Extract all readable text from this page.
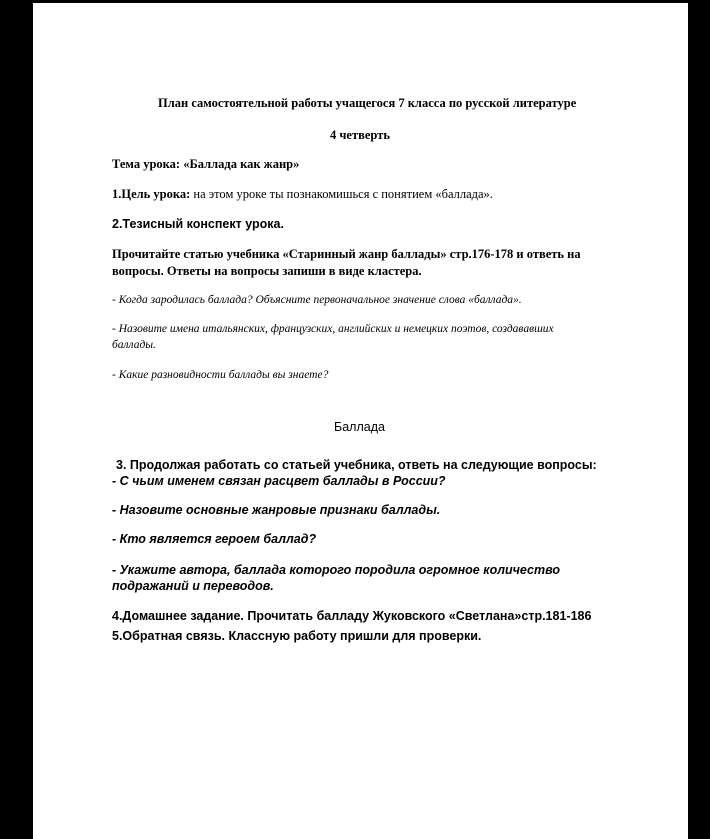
План самостоятельной работы учащегося 7 класса по русской литературе
4 четверть
Тема урока: «Баллада как жанр»
1.Цель урока: на этом уроке ты познакомишься с понятием «баллада».
2.Тезисный конспект урока.
Прочитайте статью учебника «Старинный жанр баллады» стр.176-178 и ответь на
вопросы. Ответы на вопросы запиши в виде кластера.
- Когда зародилась баллада? Объясните первоначальное значение слова «баллада».
- Назовите имена итальянских, французских, английских и немецких поэтов, создававших
баллады.
- Какие разновидности баллады вы знаете?
Баллада
3. Продолжая работать со статьей учебника, ответь на следующие вопросы:
- С чьим именем связан расцвет баллады в России?
- Назовите основные жанровые признаки баллады.
- Кто является героем баллад?
- Укажите автора, баллада которого породила огромное количество
подражаний и переводов.
4.Домашнее задание. Прочитать балладу Жуковского «Светлана»стр.181-186
5.Обратная связь. Классную работу пришли для проверки.
